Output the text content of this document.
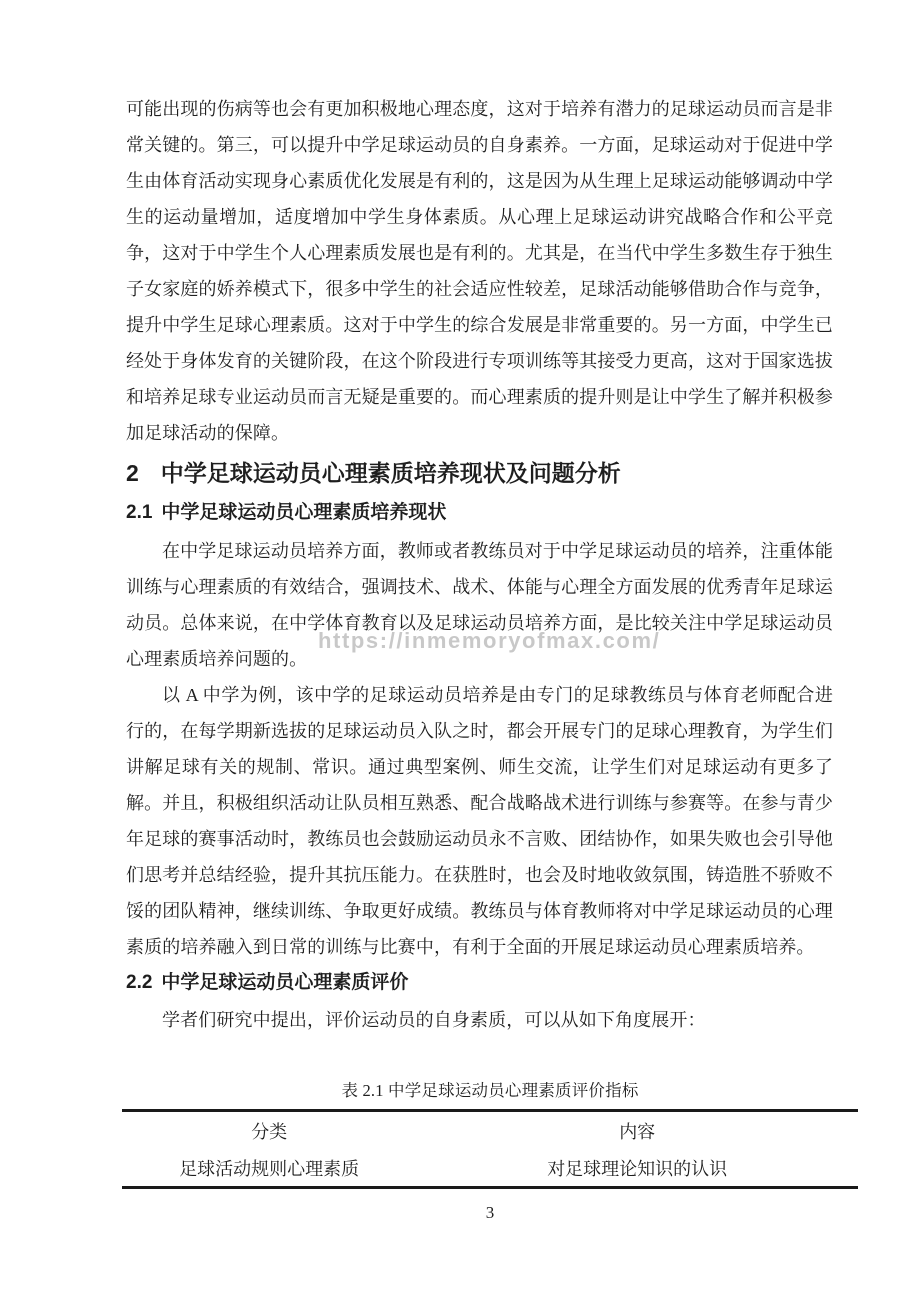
https://inmemoryofmax.com/

可能出现的伤病等也会有更加积极地心理态度，这对于培养有潜力的足球运动员而言是非常关键的。第三，可以提升中学足球运动员的自身素养。一方面，足球运动对于促进中学生由体育活动实现身心素质优化发展是有利的，这是因为从生理上足球运动能够调动中学生的运动量增加，适度增加中学生身体素质。从心理上足球运动讲究战略合作和公平竞争，这对于中学生个人心理素质发展也是有利的。尤其是，在当代中学生多数生存于独生子女家庭的娇养模式下，很多中学生的社会适应性较差，足球活动能够借助合作与竞争，提升中学生足球心理素质。这对于中学生的综合发展是非常重要的。另一方面，中学生已经处于身体发育的关键阶段，在这个阶段进行专项训练等其接受力更高，这对于国家选拔和培养足球专业运动员而言无疑是重要的。而心理素质的提升则是让中学生了解并积极参加足球活动的保障。

2 中学足球运动员心理素质培养现状及问题分析
2.1 中学足球运动员心理素质培养现状

在中学足球运动员培养方面，教师或者教练员对于中学足球运动员的培养，注重体能训练与心理素质的有效结合，强调技术、战术、体能与心理全方面发展的优秀青年足球运动员。总体来说，在中学体育教育以及足球运动员培养方面，是比较关注中学足球运动员心理素质培养问题的。

以 A 中学为例，该中学的足球运动员培养是由专门的足球教练员与体育老师配合进行的，在每学期新选拔的足球运动员入队之时，都会开展专门的足球心理教育，为学生们讲解足球有关的规制、常识。通过典型案例、师生交流，让学生们对足球运动有更多了解。并且，积极组织活动让队员相互熟悉、配合战略战术进行训练与参赛等。在参与青少年足球的赛事活动时，教练员也会鼓励运动员永不言败、团结协作，如果失败也会引导他们思考并总结经验，提升其抗压能力。在获胜时，也会及时地收敛氛围，铸造胜不骄败不馁的团队精神，继续训练、争取更好成绩。教练员与体育教师将对中学足球运动员的心理素质的培养融入到日常的训练与比赛中，有利于全面的开展足球运动员心理素质培养。

2.2 中学足球运动员心理素质评价

学者们研究中提出，评价运动员的自身素质，可以从如下角度展开：

表 2.1 中学足球运动员心理素质评价指标

分类	内容
足球活动规则心理素质	对足球理论知识的认识
3
